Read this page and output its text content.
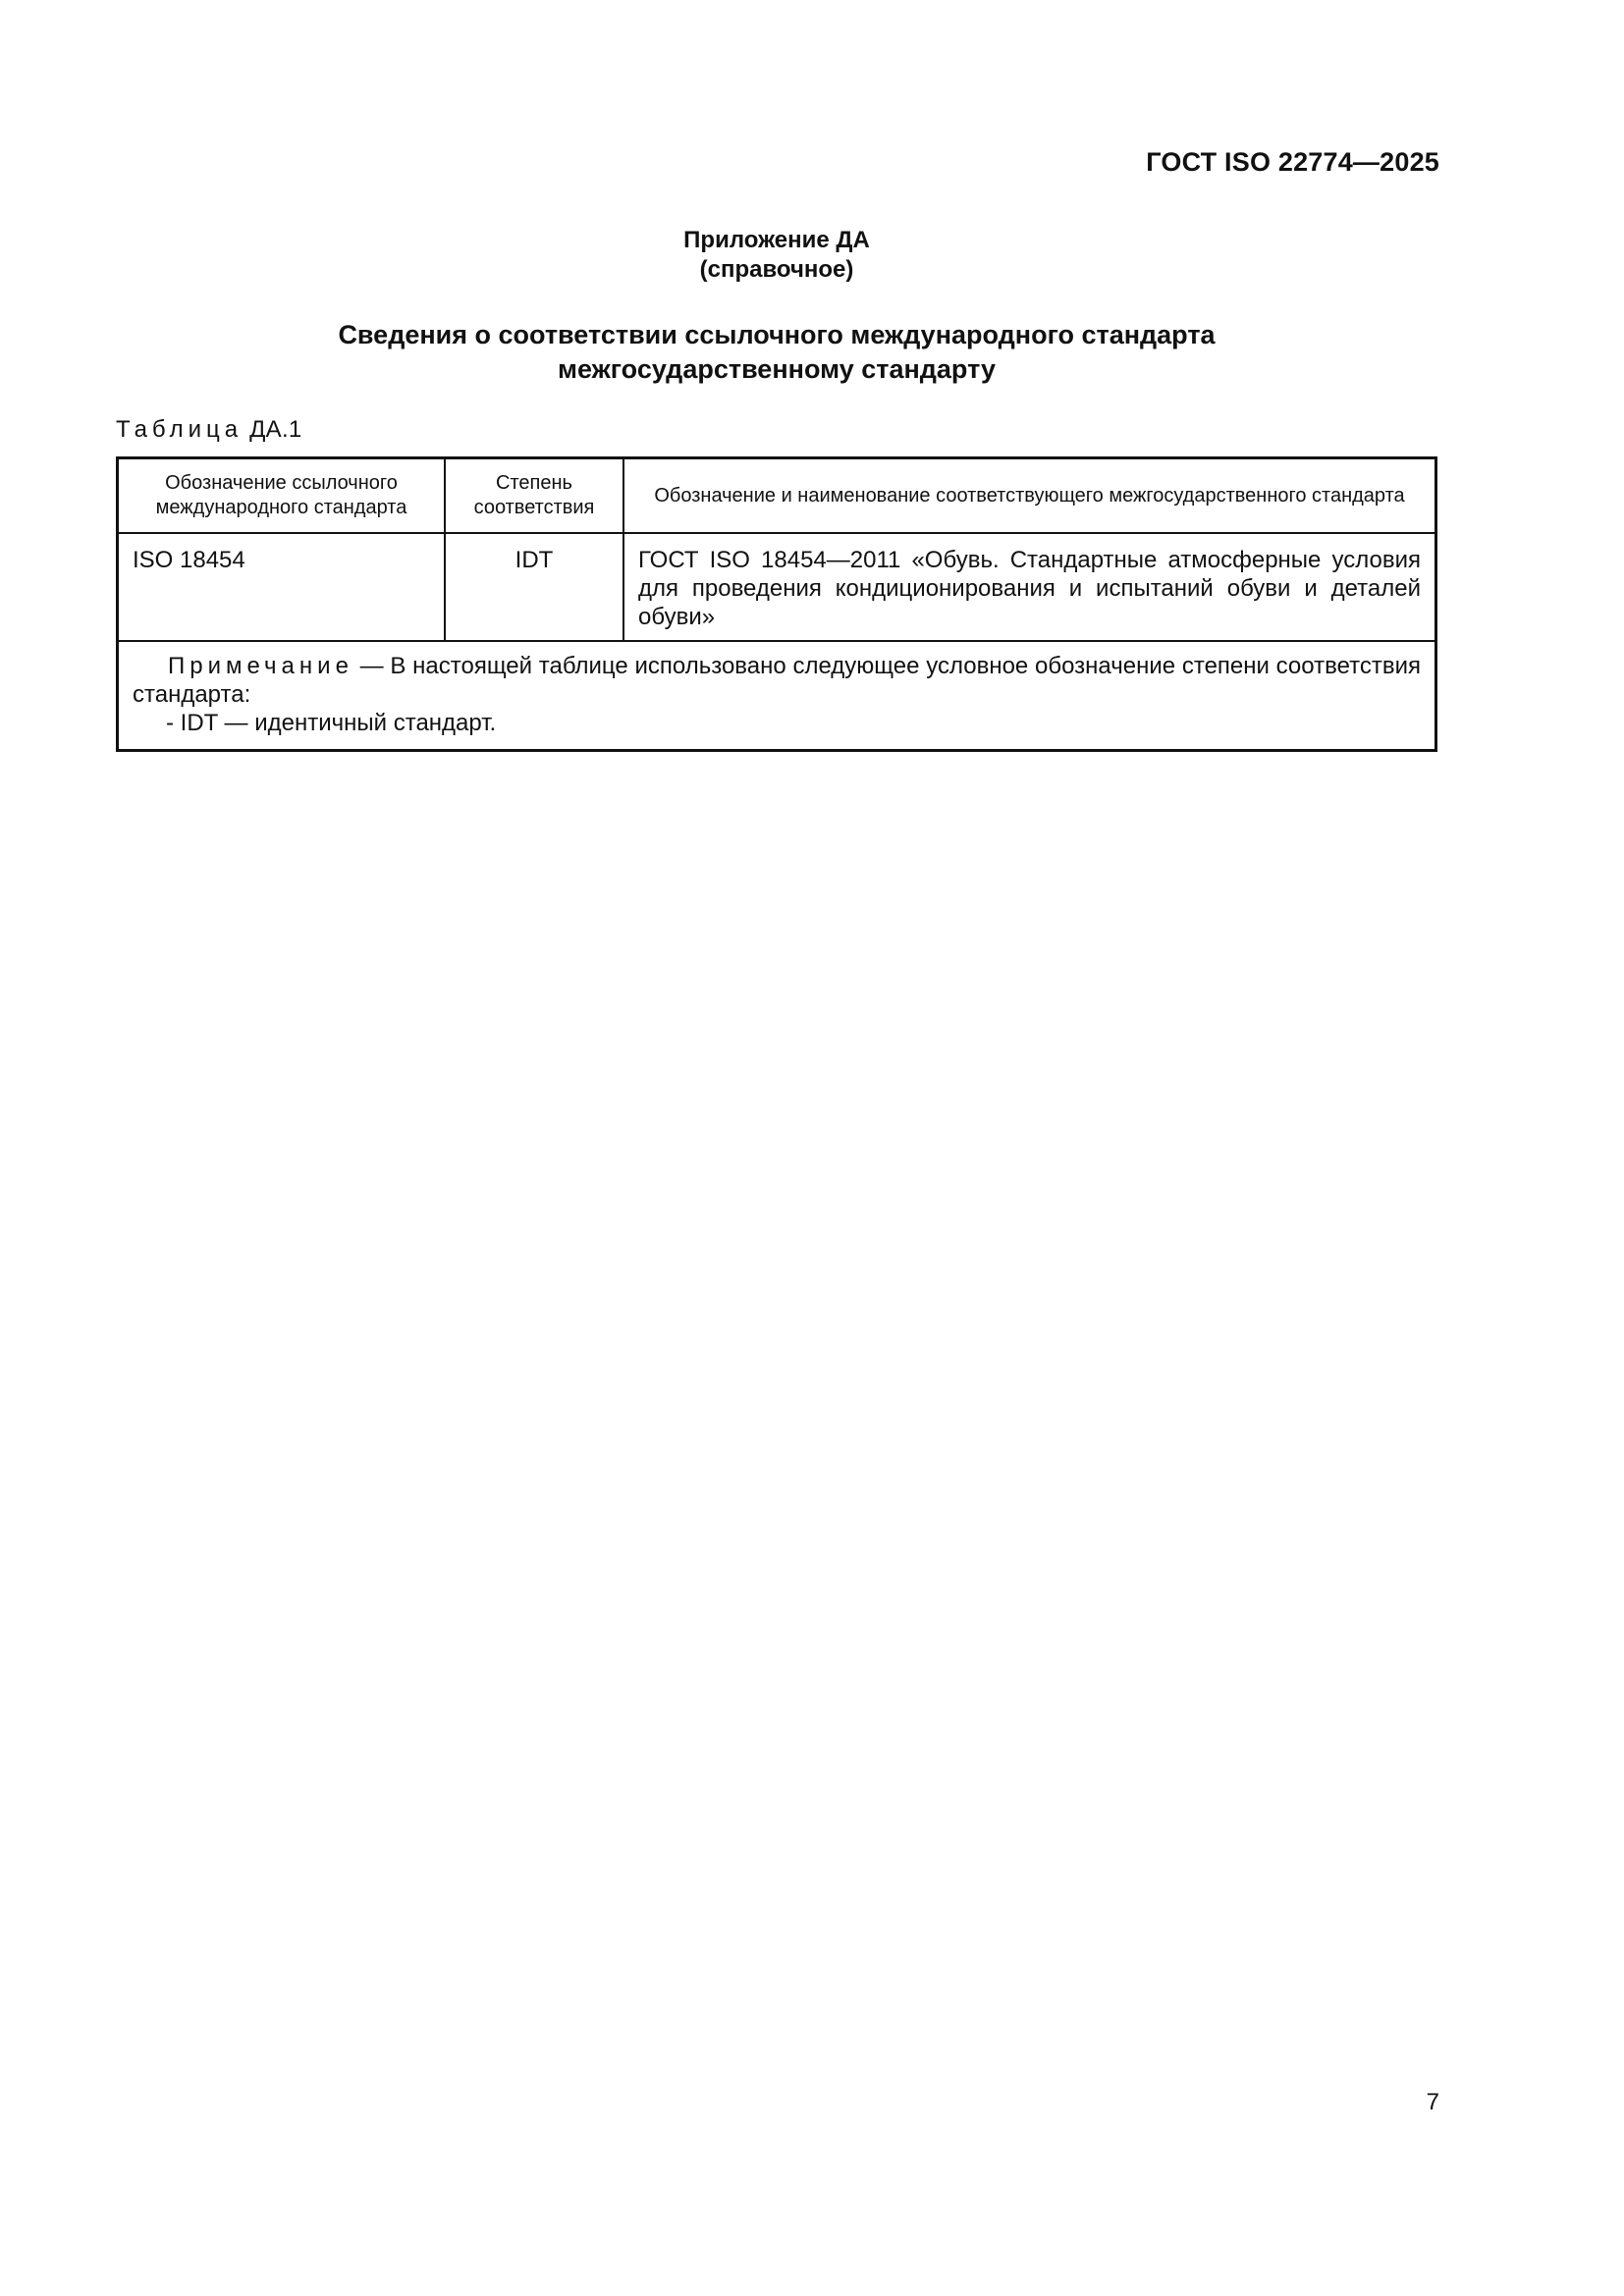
ГОСТ ISO 22774—2025
Приложение ДА
(справочное)
Сведения о соответствии ссылочного международного стандарта
межгосударственному стандарту
Таблица ДА.1
Обозначение ссылочного международного стандарта
Степень соответствия
Обозначение и наименование соответствующего межгосударственного стандарта
ISO 18454	IDT	ГОСТ ISO 18454—2011 «Обувь. Стандартные атмосферные условия для проведения кондиционирования и испытаний обуви и деталей обуви»
Примечание — В настоящей таблице использовано следующее условное обозначение степени соответствия стандарта:
- IDT — идентичный стандарт.
7
